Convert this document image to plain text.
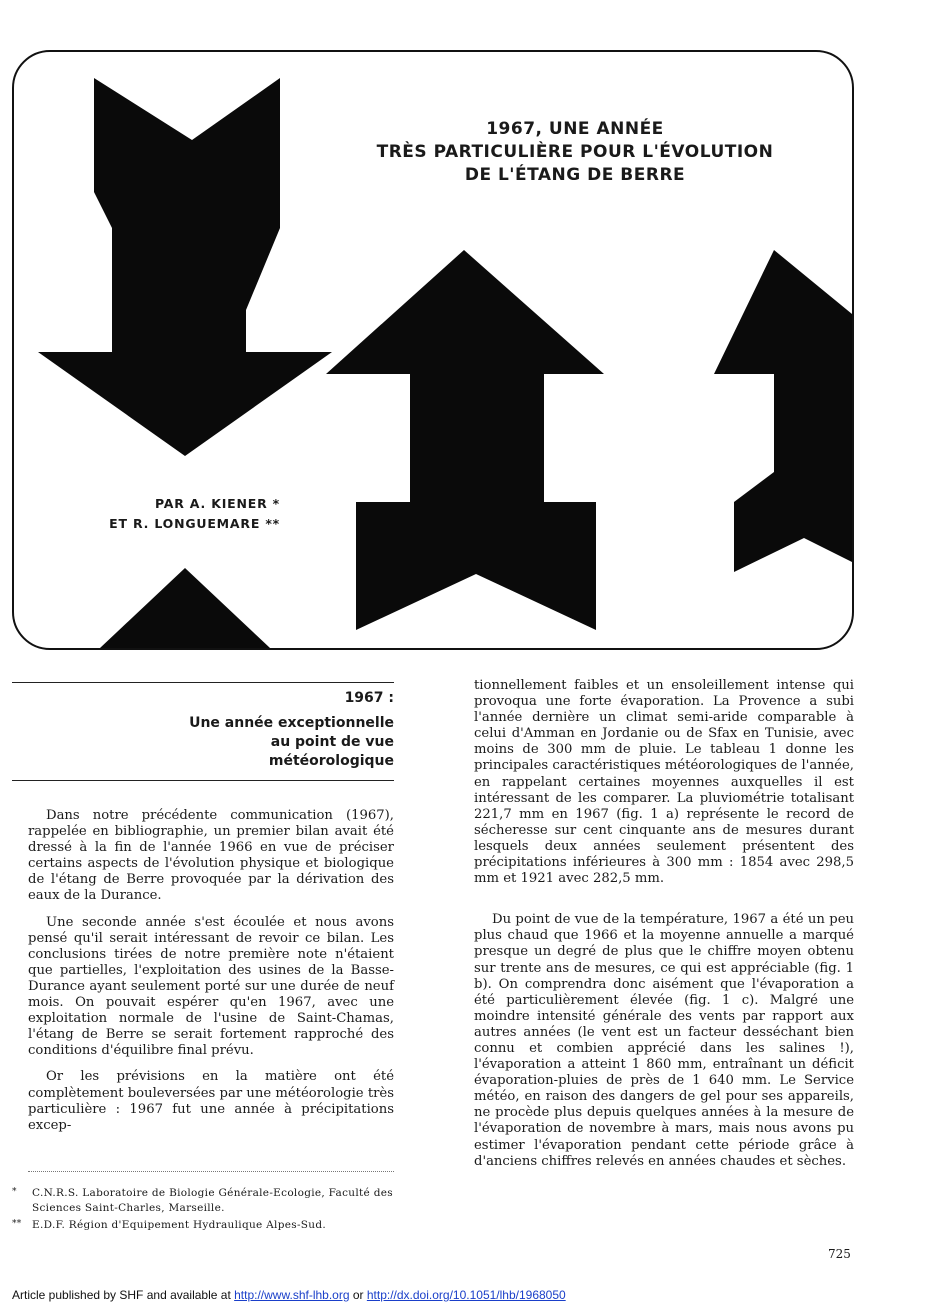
1967, UNE ANNÉE
TRÈS PARTICULIÈRE POUR L'ÉVOLUTION
DE L'ÉTANG DE BERRE
PAR A. KIENER *
ET R. LONGUEMARE **
1967 :
Une année exceptionnelle
au point de vue
météorologique

Dans notre précédente communication (1967), rappelée en bibliographie, un premier bilan avait été dressé à la fin de l'année 1966 en vue de préciser certains aspects de l'évolution physique et biologique de l'étang de Berre provoquée par la dérivation des eaux de la Durance.

Une seconde année s'est écoulée et nous avons pensé qu'il serait intéressant de revoir ce bilan. Les conclusions tirées de notre première note n'étaient que partielles, l'exploitation des usines de la Basse-Durance ayant seulement porté sur une durée de neuf mois. On pouvait espérer qu'en 1967, avec une exploitation normale de l'usine de Saint-Chamas, l'étang de Berre se serait fortement rapproché des conditions d'équilibre final prévu.

Or les prévisions en la matière ont été complètement bouleversées par une météorologie très particulière : 1967 fut une année à précipitations excep-

* C.N.R.S. Laboratoire de Biologie Générale-Ecologie, Faculté des Sciences Saint-Charles, Marseille.
** E.D.F. Région d'Equipement Hydraulique Alpes-Sud.

tionnellement faibles et un ensoleillement intense qui provoqua une forte évaporation. La Provence a subi l'année dernière un climat semi-aride comparable à celui d'Amman en Jordanie ou de Sfax en Tunisie, avec moins de 300 mm de pluie. Le tableau 1 donne les principales caractéristiques météorologiques de l'année, en rappelant certaines moyennes auxquelles il est intéressant de les comparer. La pluviométrie totalisant 221,7 mm en 1967 (fig. 1 a) représente le record de sécheresse sur cent cinquante ans de mesures durant lesquels deux années seulement présentent des précipitations inférieures à 300 mm : 1854 avec 298,5 mm et 1921 avec 282,5 mm.

Du point de vue de la température, 1967 a été un peu plus chaud que 1966 et la moyenne annuelle a marqué presque un degré de plus que le chiffre moyen obtenu sur trente ans de mesures, ce qui est appréciable (fig. 1 b). On comprendra donc aisément que l'évaporation a été particulièrement élevée (fig. 1 c). Malgré une moindre intensité générale des vents par rapport aux autres années (le vent est un facteur desséchant bien connu et combien apprécié dans les salines !), l'évaporation a atteint 1 860 mm, entraînant un déficit évaporation-pluies de près de 1 640 mm. Le Service météo, en raison des dangers de gel pour ses appareils, ne procède plus depuis quelques années à la mesure de l'évaporation de novembre à mars, mais nous avons pu estimer l'évaporation pendant cette période grâce à d'anciens chiffres relevés en années chaudes et sèches.

725
Article published by SHF and available at http://www.shf-lhb.org or http://dx.doi.org/10.1051/lhb/1968050
